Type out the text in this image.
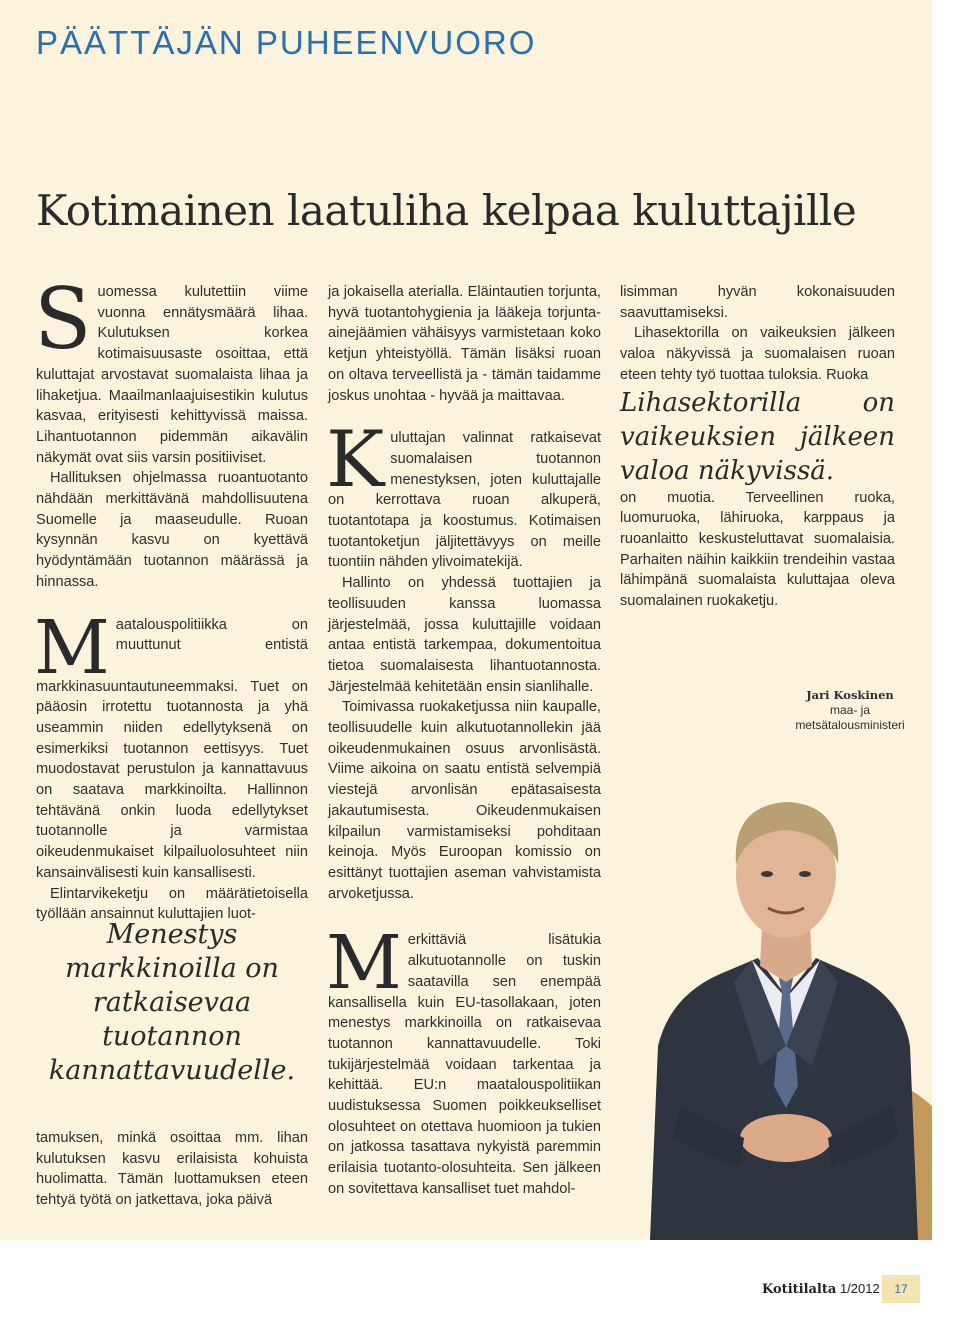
PÄÄTTÄJÄN PUHEENVUORO
Kotimainen laatuliha kelpaa kuluttajille

Suomessa kulutettiin viime vuonna ennätysmäärä lihaa. Kulutuksen korkea kotimaisuusaste osoittaa, että kuluttajat arvostavat suomalaista lihaa ja lihaketjua. Maailmanlaajuisestikin kulutus kasvaa, erityisesti kehittyvissä maissa. Lihantuotannon pidemmän aikavälin näkymät ovat siis varsin positiiviset.

Hallituksen ohjelmassa ruoantuotanto nähdään merkittävänä mahdollisuutena Suomelle ja maaseudulle. Ruoan kysynnän kasvu on kyettävä hyödyntämään tuotannon määrässä ja hinnassa.

Maatalouspolitiikka on muuttunut entistä markkinasuuntautuneemmaksi. Tuet on pääosin irrotettu tuotannosta ja yhä useammin niiden edellytyksenä on esimerkiksi tuotannon eettisyys. Tuet muodostavat perustulon ja kannattavuus on saatava markkinoilta. Hallinnon tehtävänä onkin luoda edellytykset tuotannolle ja varmistaa oikeudenmukaiset kilpailuolosuhteet niin kansainvälisesti kuin kansallisesti.

Elintarvikeketju on määrätietoisella työllään ansainnut kuluttajien luot-

Menestys markkinoilla on ratkaisevaa tuotannon kannattavuudelle.

tamuksen, minkä osoittaa mm. lihan kulutuksen kasvu erilaisista kohuista huolimatta. Tämän luottamuksen eteen tehtyä työtä on jatkettava, joka päivä

ja jokaisella aterialla. Eläintautien torjunta, hyvä tuotantohygienia ja lääkeja torjunta-ainejäämien vähäisyys varmistetaan koko ketjun yhteistyöllä. Tämän lisäksi ruoan on oltava terveellistä ja - tämän taidamme joskus unohtaa - hyvää ja maittavaa.

Kuluttajan valinnat ratkaisevat suomalaisen tuotannon menestyksen, joten kuluttajalle on kerrottava ruoan alkuperä, tuotantotapa ja koostumus. Kotimaisen tuotantoketjun jäljitettävyys on meille tuontiin nähden ylivoimatekijä.

Hallinto on yhdessä tuottajien ja teollisuuden kanssa luomassa järjestelmää, jossa kuluttajille voidaan antaa entistä tarkempaa, dokumentoitua tietoa suomalaisesta lihantuotannosta. Järjestelmää kehitetään ensin sianlihalle.

Toimivassa ruokaketjussa niin kaupalle, teollisuudelle kuin alkutuotannollekin jää oikeudenmukainen osuus arvonlisästä. Viime aikoina on saatu entistä selvempiä viestejä arvonlisän epätasaisesta jakautumisesta. Oikeudenmukaisen kilpailun varmistamiseksi pohditaan keinoja. Myös Euroopan komissio on esittänyt tuottajien aseman vahvistamista arvoketjussa.

Merkittäviä lisätukia alkutuotannolle on tuskin saatavilla sen enempää kansallisella kuin EU-tasollakaan, joten menestys markkinoilla on ratkaisevaa tuotannon kannattavuudelle. Toki tukijärjestelmää voidaan tarkentaa ja kehittää. EU:n maatalouspolitiikan uudistuksessa Suomen poikkeukselliset olosuhteet on otettava huomioon ja tukien on jatkossa tasattava nykyistä paremmin erilaisia tuotanto-olosuhteita. Sen jälkeen on sovitettava kansalliset tuet mahdol-

lisimman hyvän kokonaisuuden saavuttamiseksi.

Lihasektorilla on vaikeuksien jälkeen valoa näkyvissä ja suomalaisen ruoan eteen tehty työ tuottaa tuloksia. Ruoka

Lihasektorilla on vaikeuksien jälkeen valoa näkyvissä.

on muotia. Terveellinen ruoka, luomuruoka, lähiruoka, karppaus ja ruoanlaitto keskusteluttavat suomalaisia. Parhaiten näihin kaikkiin trendeihin vastaa lähimpänä suomalaista kuluttajaa oleva suomalainen ruokaketju.

Jari Koskinen
maa- ja metsätalousministeri
Kotitilalta 1/2012	17
